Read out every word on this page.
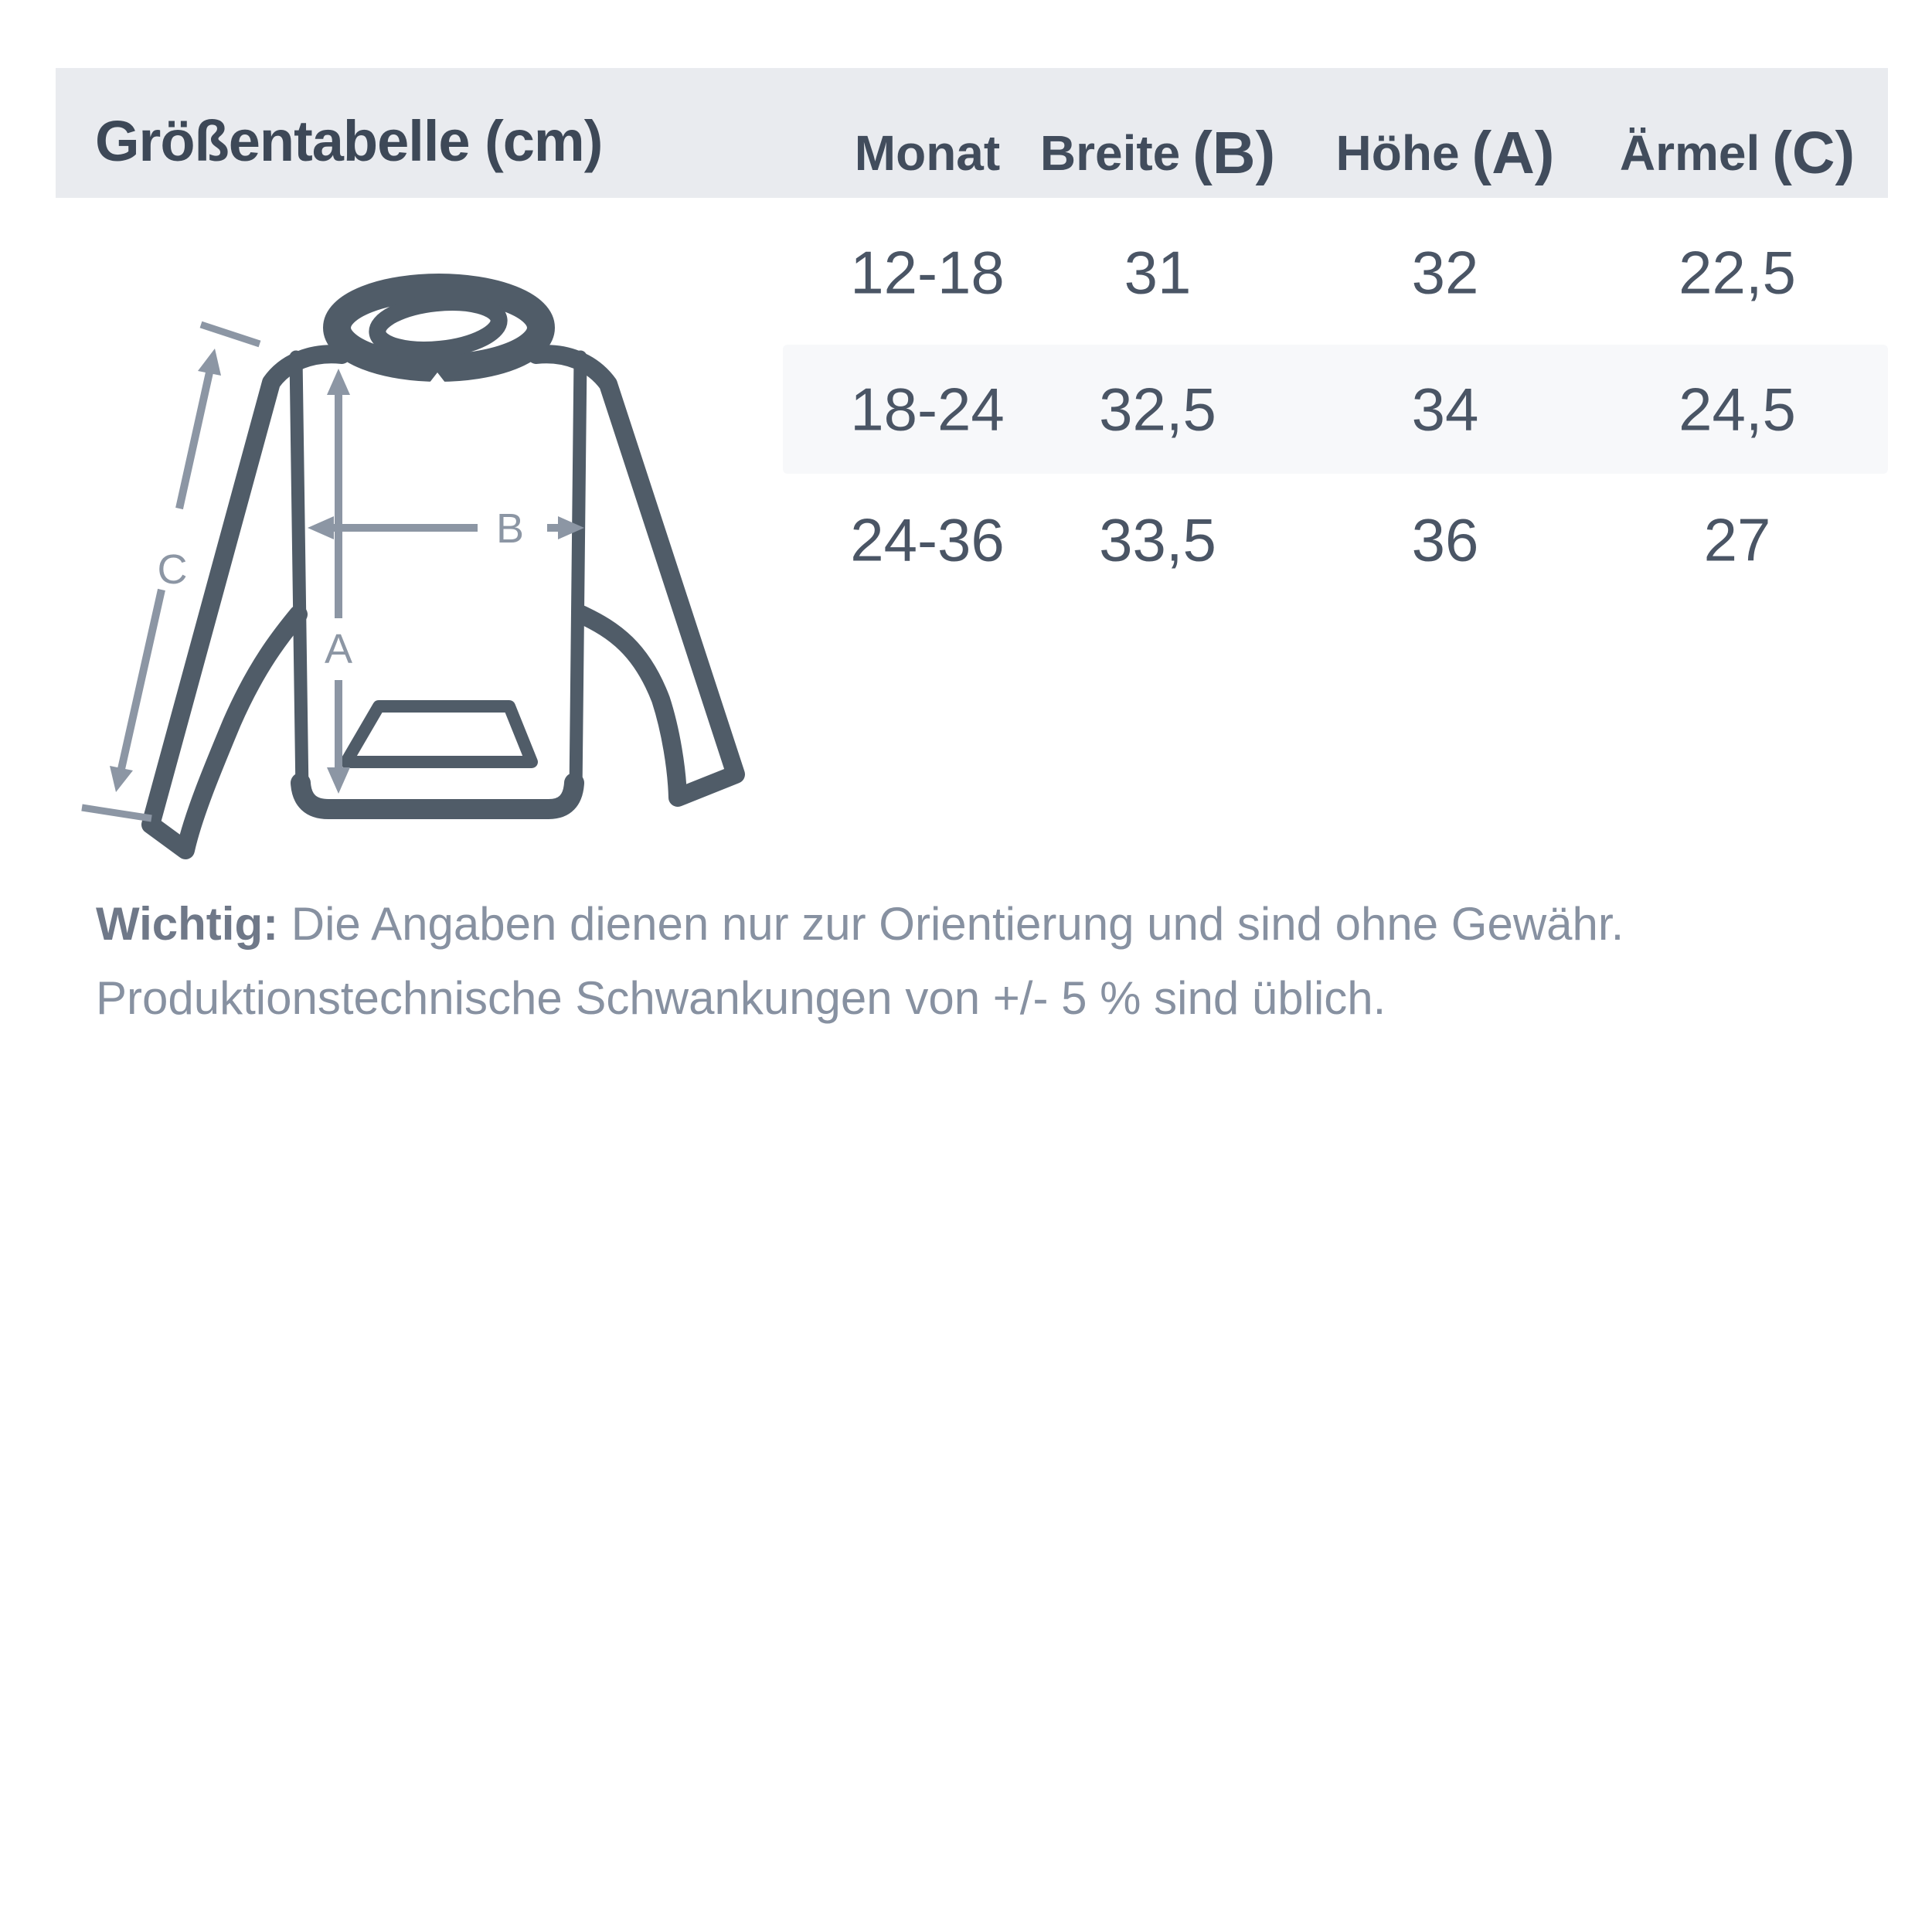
Größentabelle (cm)	Monat Breite (B) Höhe (A) Ärmel (C)
12-18 31	32	22,5
18-24 32,5	34	24,5
24-36 33,5	36	27
A
B
C
Wichtig: Die Angaben dienen nur zur Orientierung und sind ohne Gewähr.
Produktionstechnische Schwankungen von +/- 5 % sind üblich.
